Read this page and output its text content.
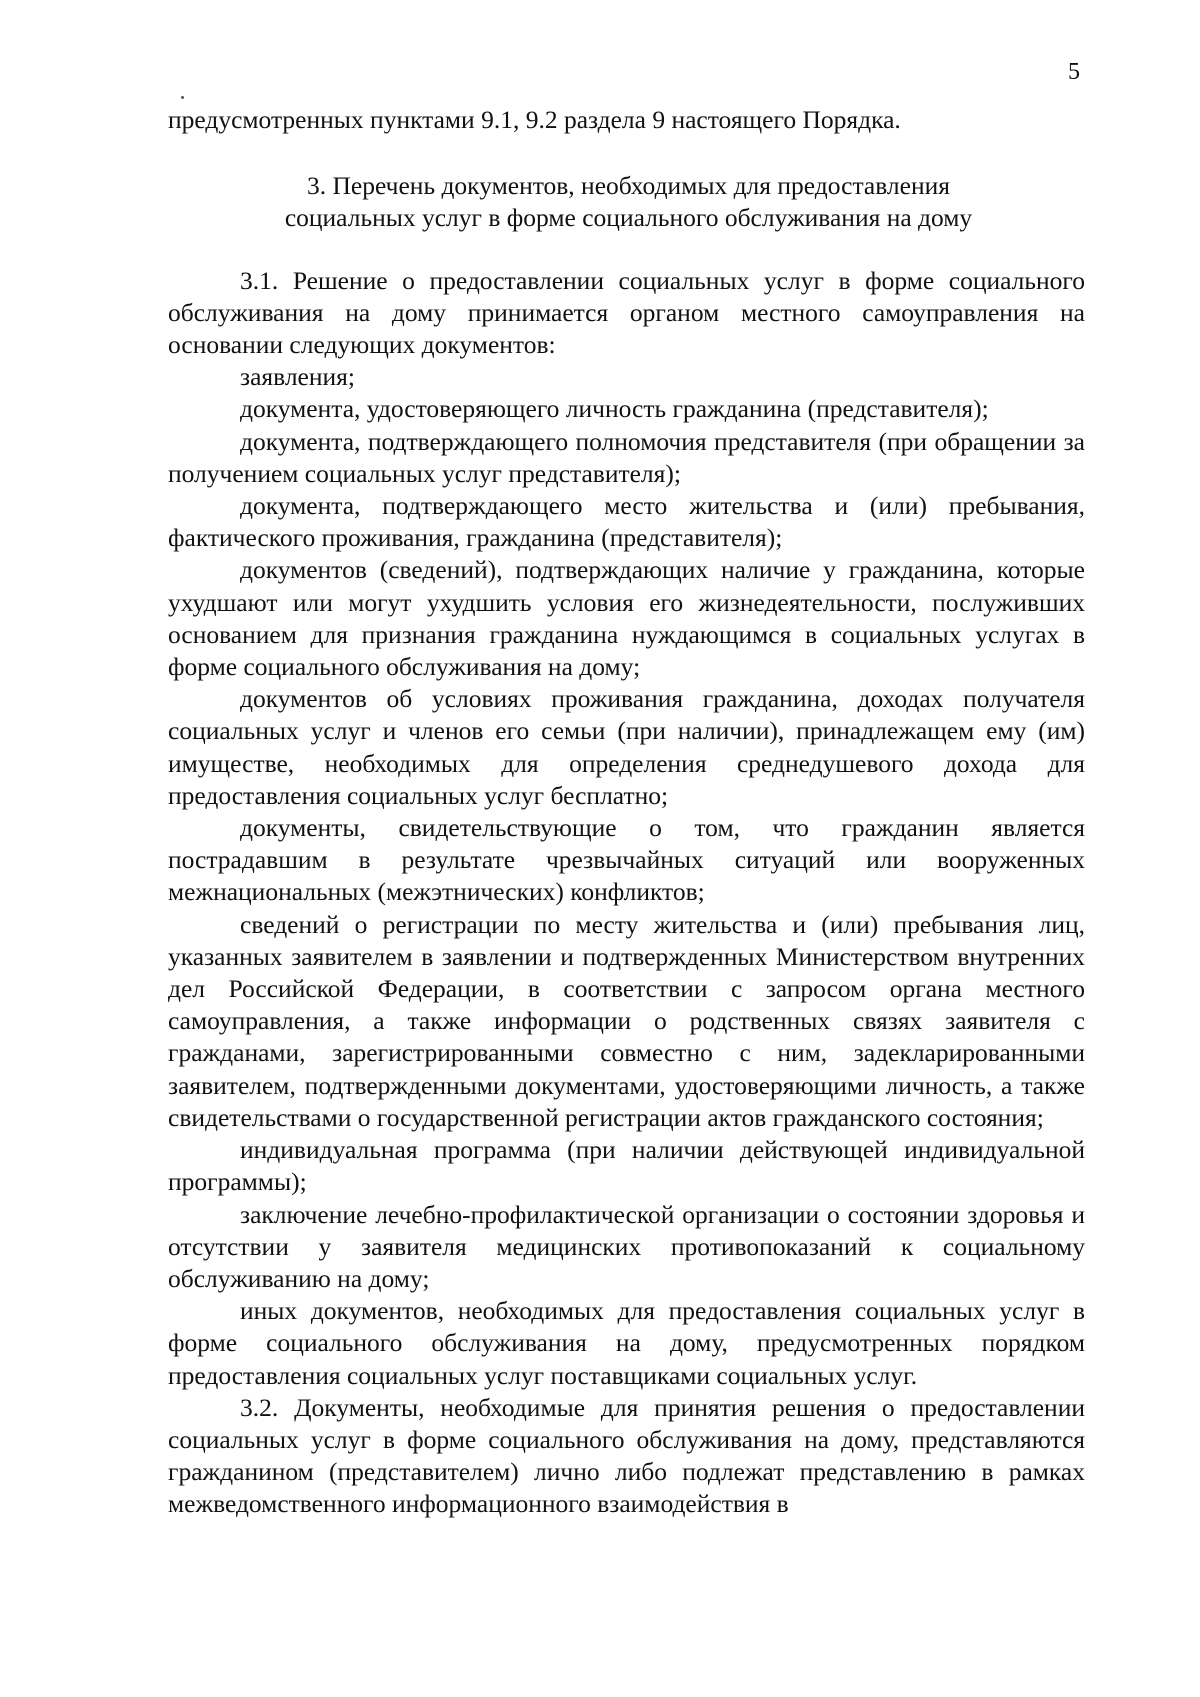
5

предусмотренных пунктами 9.1, 9.2 раздела 9 настоящего Порядка.

3. Перечень документов, необходимых для предоставления
социальных услуг в форме социального обслуживания на дому

3.1. Решение о предоставлении социальных услуг в форме социального обслуживания на дому принимается органом местного самоуправления на основании следующих документов:

заявления;

документа, удостоверяющего личность гражданина (представителя);

документа, подтверждающего полномочия представителя (при обращении за получением социальных услуг представителя);

документа, подтверждающего место жительства и (или) пребывания, фактического проживания, гражданина (представителя);

документов (сведений), подтверждающих наличие у гражданина, которые ухудшают или могут ухудшить условия его жизнедеятельности, послуживших основанием для признания гражданина нуждающимся в социальных услугах в форме социального обслуживания на дому;

документов об условиях проживания гражданина, доходах получателя социальных услуг и членов его семьи (при наличии), принадлежащем ему (им) имуществе, необходимых для определения среднедушевого дохода для предоставления социальных услуг бесплатно;

документы, свидетельствующие о том, что гражданин является пострадавшим в результате чрезвычайных ситуаций или вооруженных межнациональных (межэтнических) конфликтов;

сведений о регистрации по месту жительства и (или) пребывания лиц, указанных заявителем в заявлении и подтвержденных Министерством внутренних дел Российской Федерации, в соответствии с запросом органа местного самоуправления, а также информации о родственных связях заявителя с гражданами, зарегистрированными совместно с ним, задекларированными заявителем, подтвержденными документами, удостоверяющими личность, а также свидетельствами о государственной регистрации актов гражданского состояния;

индивидуальная программа (при наличии действующей индивидуальной программы);

заключение лечебно-профилактической организации о состоянии здоровья и отсутствии у заявителя медицинских противопоказаний к социальному обслуживанию на дому;

иных документов, необходимых для предоставления социальных услуг в форме социального обслуживания на дому, предусмотренных порядком предоставления социальных услуг поставщиками социальных услуг.

3.2. Документы, необходимые для принятия решения о предоставлении социальных услуг в форме социального обслуживания на дому, представляются гражданином (представителем) лично либо подлежат представлению в рамках межведомственного информационного взаимодействия в
